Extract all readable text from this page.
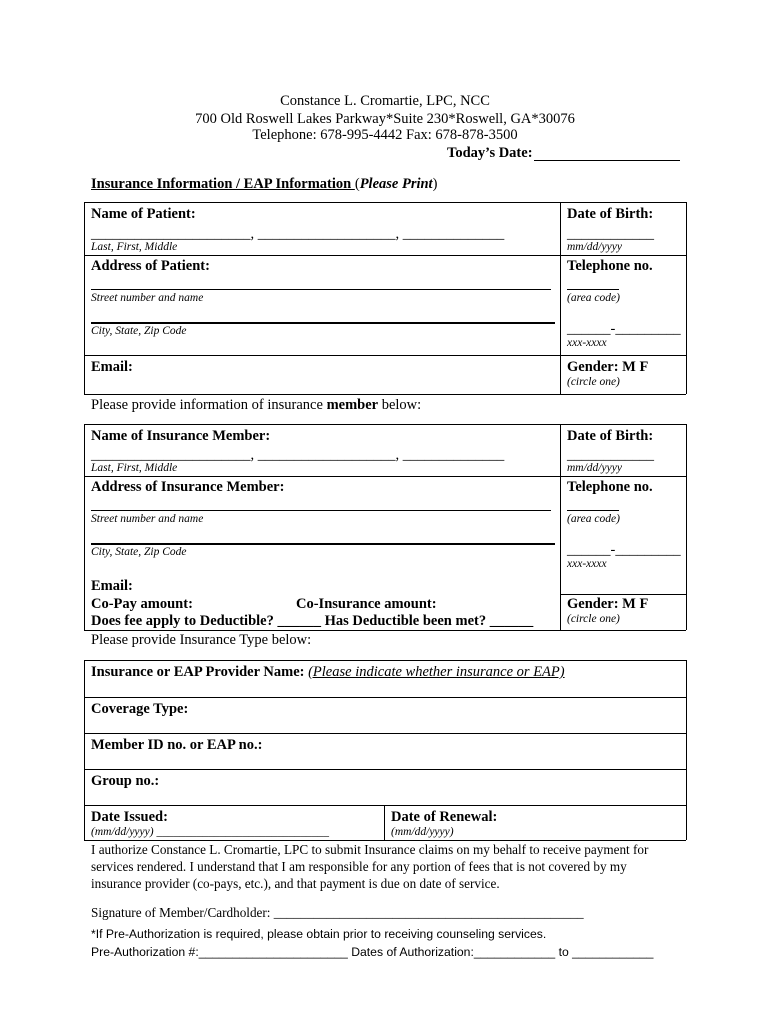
Constance L. Cromartie, LPC, NCC
700 Old Roswell Lakes Parkway*Suite 230*Roswell, GA*30076
Telephone: 678-995-4442 Fax: 678-878-3500
Today’s Date:
Insurance Information / EAP Information (Please Print)
Name of Patient:
______________________, ___________________, ______________
Last, First, Middle
Date of Birth:
____________
mm/dd/yyyy
Address of Patient:
Street number and name
City, State, Zip Code
Telephone no.
(area code)
______-_________
xxx-xxxx
Email:	Gender: M F
(circle one)
Please provide information of insurance member below:
Name of Insurance Member:
______________________, ___________________, ______________
Last, First, Middle
Date of Birth:
____________
mm/dd/yyyy
Address of Insurance Member:
Street number and name
City, State, Zip Code
Telephone no.
(area code)
______-_________
xxx-xxxx
Email:
Co-Pay amount:	Co-Insurance amount:
Does fee apply to Deductible? ______ Has Deductible been met? ______
Gender: M F
(circle one)
Please provide Insurance Type below:
Insurance or EAP Provider Name: (Please indicate whether insurance or EAP)
Coverage Type:
Member ID no. or EAP no.:
Group no.:
Date Issued:
(mm/dd/yyyy) ______________________________
Date of Renewal:
(mm/dd/yyyy)
I authorize Constance L. Cromartie, LPC to submit Insurance claims on my behalf to receive payment for
services rendered. I understand that I am responsible for any portion of fees that is not covered by my
insurance provider (co-pays, etc.), and that payment is due on date of service.
Signature of Member/Cardholder: _______________________________________________
*If Pre-Authorization is required, please obtain prior to receiving counseling services.
Pre-Authorization #:______________________ Dates of Authorization:____________ to ____________
